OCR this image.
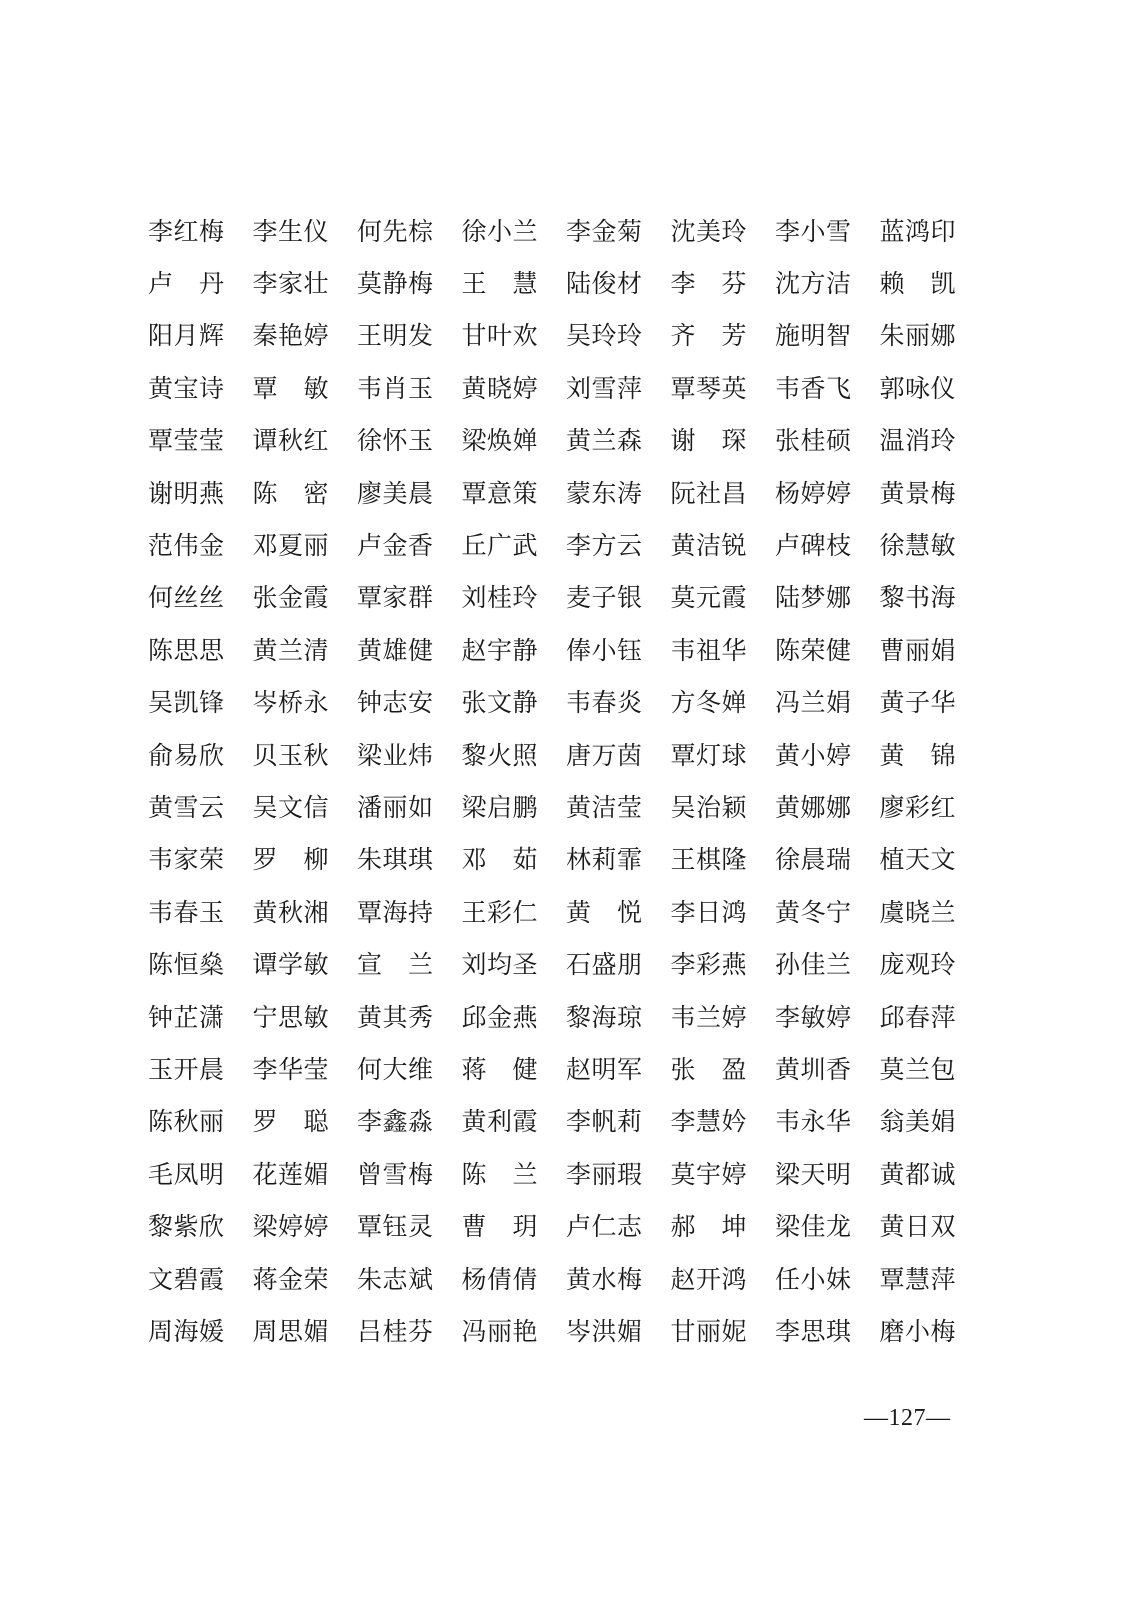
李红梅	李生仪	何先棕	徐小兰	李金菊	沈美玲	李小雪	蓝鸿印
卢　丹	李家壮	莫静梅	王　慧	陆俊材	李　芬	沈方洁	赖　凯
阳月辉	秦艳婷	王明发	甘叶欢	吴玲玲	齐　芳	施明智	朱丽娜
黄宝诗	覃　敏	韦肖玉	黄晓婷	刘雪萍	覃琴英	韦香飞	郭咏仪
覃莹莹	谭秋红	徐怀玉	梁焕婵	黄兰森	谢　琛	张桂硕	温消玲
谢明燕	陈　密	廖美晨	覃意策	蒙东涛	阮社昌	杨婷婷	黄景梅
范伟金	邓夏丽	卢金香	丘广武	李方云	黄洁锐	卢碑枝	徐慧敏
何丝丝	张金霞	覃家群	刘桂玲	麦子银	莫元霞	陆梦娜	黎书海
陈思思	黄兰清	黄雄健	赵宇静	俸小钰	韦祖华	陈荣健	曹丽娟
吴凯锋	岑桥永	钟志安	张文静	韦春炎	方冬婵	冯兰娟	黄子华
俞易欣	贝玉秋	梁业炜	黎火照	唐万茵	覃灯球	黄小婷	黄　锦
黄雪云	吴文信	潘丽如	梁启鹏	黄洁莹	吴治颖	黄娜娜	廖彩红
韦家荣	罗　柳	朱琪琪	邓　茹	林莉霏	王棋隆	徐晨瑞	植天文
韦春玉	黄秋湘	覃海持	王彩仁	黄　悦	李日鸿	黄冬宁	虞晓兰
陈恒燊	谭学敏	宣　兰	刘均圣	石盛朋	李彩燕	孙佳兰	庞观玲
钟芷潇	宁思敏	黄其秀	邱金燕	黎海琼	韦兰婷	李敏婷	邱春萍
玉开晨	李华莹	何大维	蒋　健	赵明军	张　盈	黄圳香	莫兰包
陈秋丽	罗　聪	李鑫淼	黄利霞	李帆莉	李慧妗	韦永华	翁美娟
毛凤明	花莲媚	曾雪梅	陈　兰	李丽瑕	莫宇婷	梁天明	黄都诚
黎紫欣	梁婷婷	覃钰灵	曹　玥	卢仁志	郝　坤	梁佳龙	黄日双
文碧霞	蒋金荣	朱志斌	杨倩倩	黄水梅	赵开鸿	任小妹	覃慧萍
周海媛	周思媚	吕桂芬	冯丽艳	岑洪媚	甘丽妮	李思琪	磨小梅
—127—
